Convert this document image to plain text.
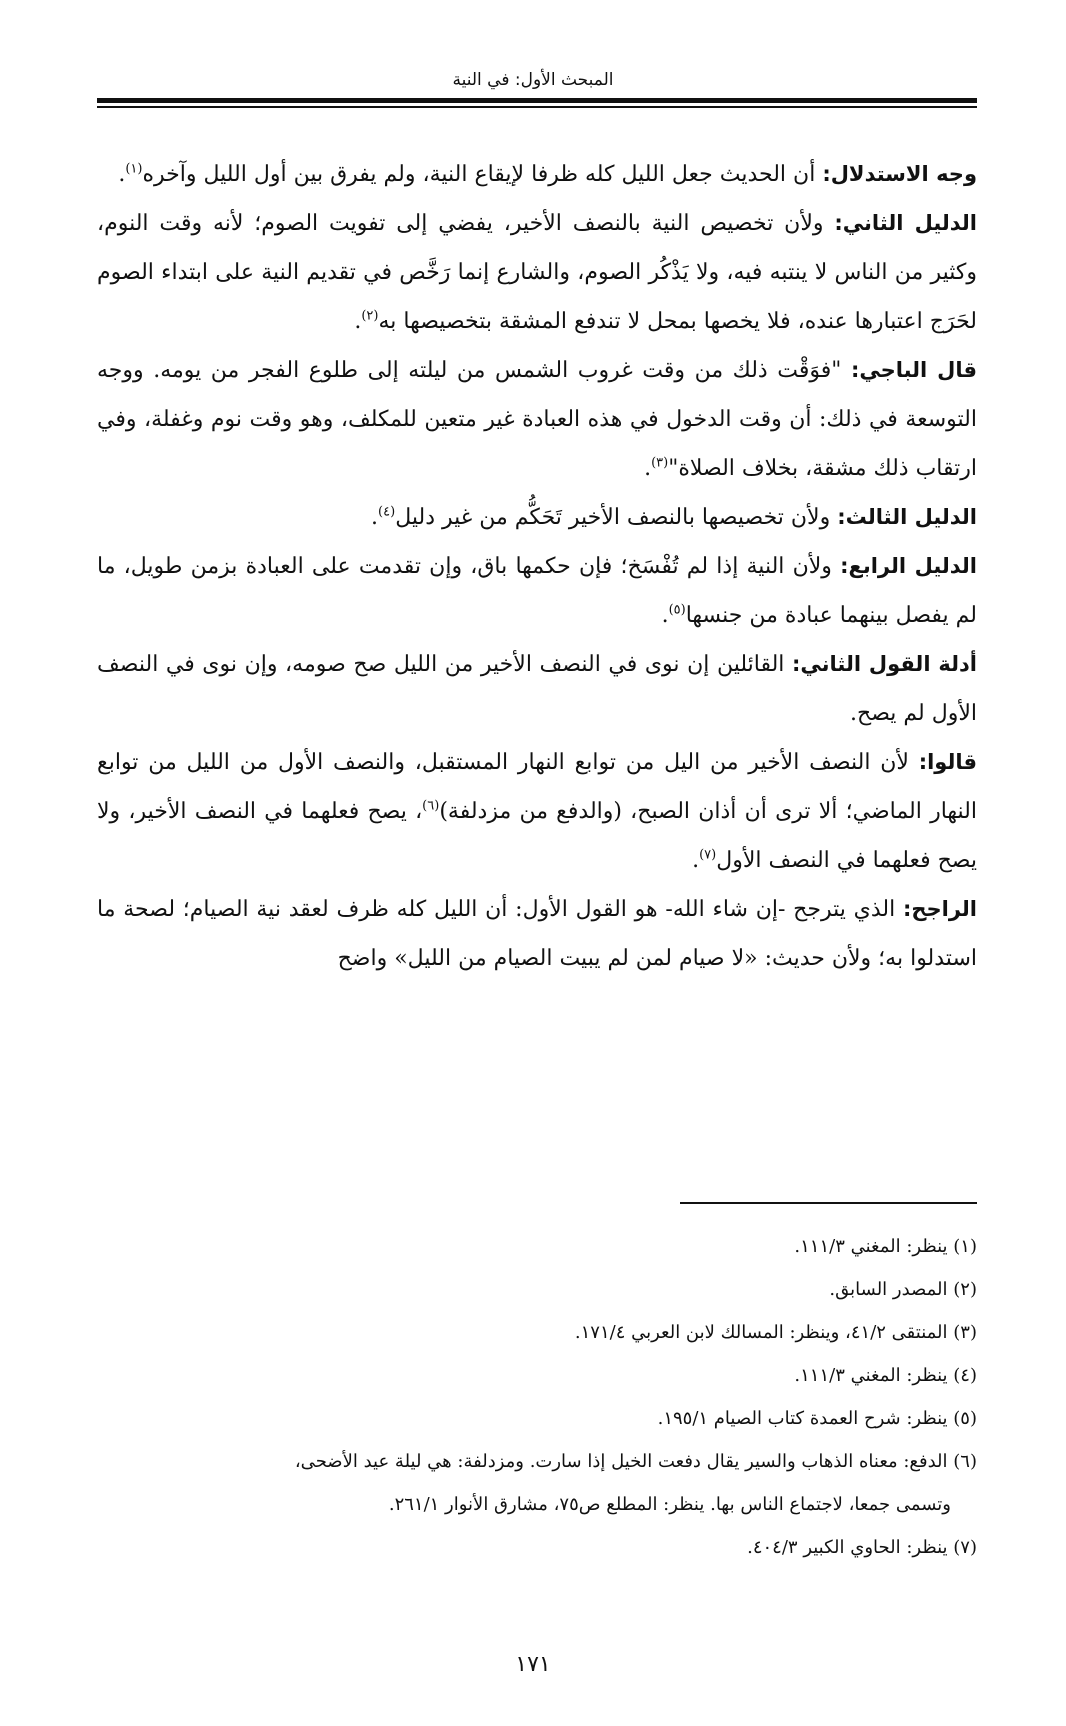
المبحث الأول: في النية

وجه الاستدلال: أن الحديث جعل الليل كله ظرفا لإيقاع النية، ولم يفرق بين أول الليل وآخره$^{(١)}$.

الدليل الثاني: ولأن تخصيص النية بالنصف الأخير، يفضي إلى تفويت الصوم؛ لأنه وقت النوم، وكثير من الناس لا ينتبه فيه، ولا يَذْكُر الصوم، والشارع إنما رَخَّص في تقديم النية على ابتداء الصوم لحَرَج اعتبارها عنده، فلا يخصها بمحل لا تندفع المشقة بتخصيصها به$^{(٢)}$.

قال الباجي: "فوَقْت ذلك من وقت غروب الشمس من ليلته إلى طلوع الفجر من يومه. ووجه التوسعة في ذلك: أن وقت الدخول في هذه العبادة غير متعين للمكلف، وهو وقت نوم وغفلة، وفي ارتقاب ذلك مشقة، بخلاف الصلاة"$^{(٣)}$.

الدليل الثالث: ولأن تخصيصها بالنصف الأخير تَحَكُّم من غير دليل$^{(٤)}$.

الدليل الرابع: ولأن النية إذا لم تُفْسَخ؛ فإن حكمها باق، وإن تقدمت على العبادة بزمن طويل، ما لم يفصل بينهما عبادة من جنسها$^{(٥)}$.

أدلة القول الثاني: القائلين إن نوى في النصف الأخير من الليل صح صومه، وإن نوى في النصف الأول لم يصح.

قالوا: لأن النصف الأخير من اليل من توابع النهار المستقبل، والنصف الأول من الليل من توابع النهار الماضي؛ ألا ترى أن أذان الصبح، (والدفع من مزدلفة)$^{(٦)}$، يصح فعلهما في النصف الأخير، ولا يصح فعلهما في النصف الأول$^{(٧)}$.

الراجح: الذي يترجح -إن شاء الله- هو القول الأول: أن الليل كله ظرف لعقد نية الصيام؛ لصحة ما استدلوا به؛ ولأن حديث: «لا صيام لمن لم يبيت الصيام من الليل» واضح

(١) ينظر: المغني ١١١/٣.

(٢) المصدر السابق.

(٣) المنتقى ٤١/٢، وينظر: المسالك لابن العربي ١٧١/٤.

(٤) ينظر: المغني ١١١/٣.

(٥) ينظر: شرح العمدة كتاب الصيام ١٩٥/١.

(٦) الدفع: معناه الذهاب والسير يقال دفعت الخيل إذا سارت. ومزدلفة: هي ليلة عيد الأضحى،

وتسمى جمعا، لاجتماع الناس بها. ينظر: المطلع ص٧٥، مشارق الأنوار ٢٦١/١.

(٧) ينظر: الحاوي الكبير ٤٠٤/٣.

١٧١
